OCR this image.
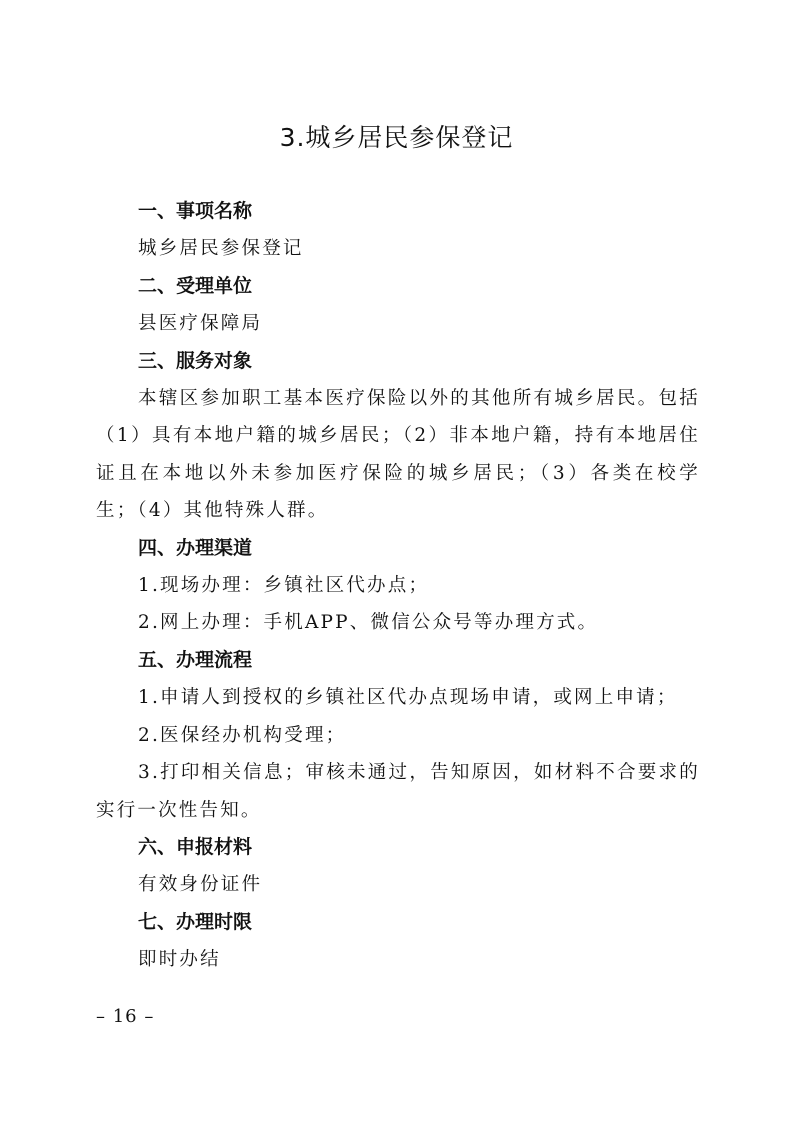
3.城乡居民参保登记
一、事项名称
城乡居民参保登记
二、受理单位
县医疗保障局
三、服务对象
本辖区参加职工基本医疗保险以外的其他所有城乡居民。包括（1）具有本地户籍的城乡居民；（2）非本地户籍，持有本地居住证且在本地以外未参加医疗保险的城乡居民；（3）各类在校学生；（4）其他特殊人群。
四、办理渠道
1.现场办理：乡镇社区代办点；
2.网上办理：手机APP、微信公众号等办理方式。
五、办理流程
1.申请人到授权的乡镇社区代办点现场申请，或网上申请；
2.医保经办机构受理；
3.打印相关信息；审核未通过，告知原因，如材料不合要求的实行一次性告知。
六、申报材料
有效身份证件
七、办理时限
即时办结
– 16 –
